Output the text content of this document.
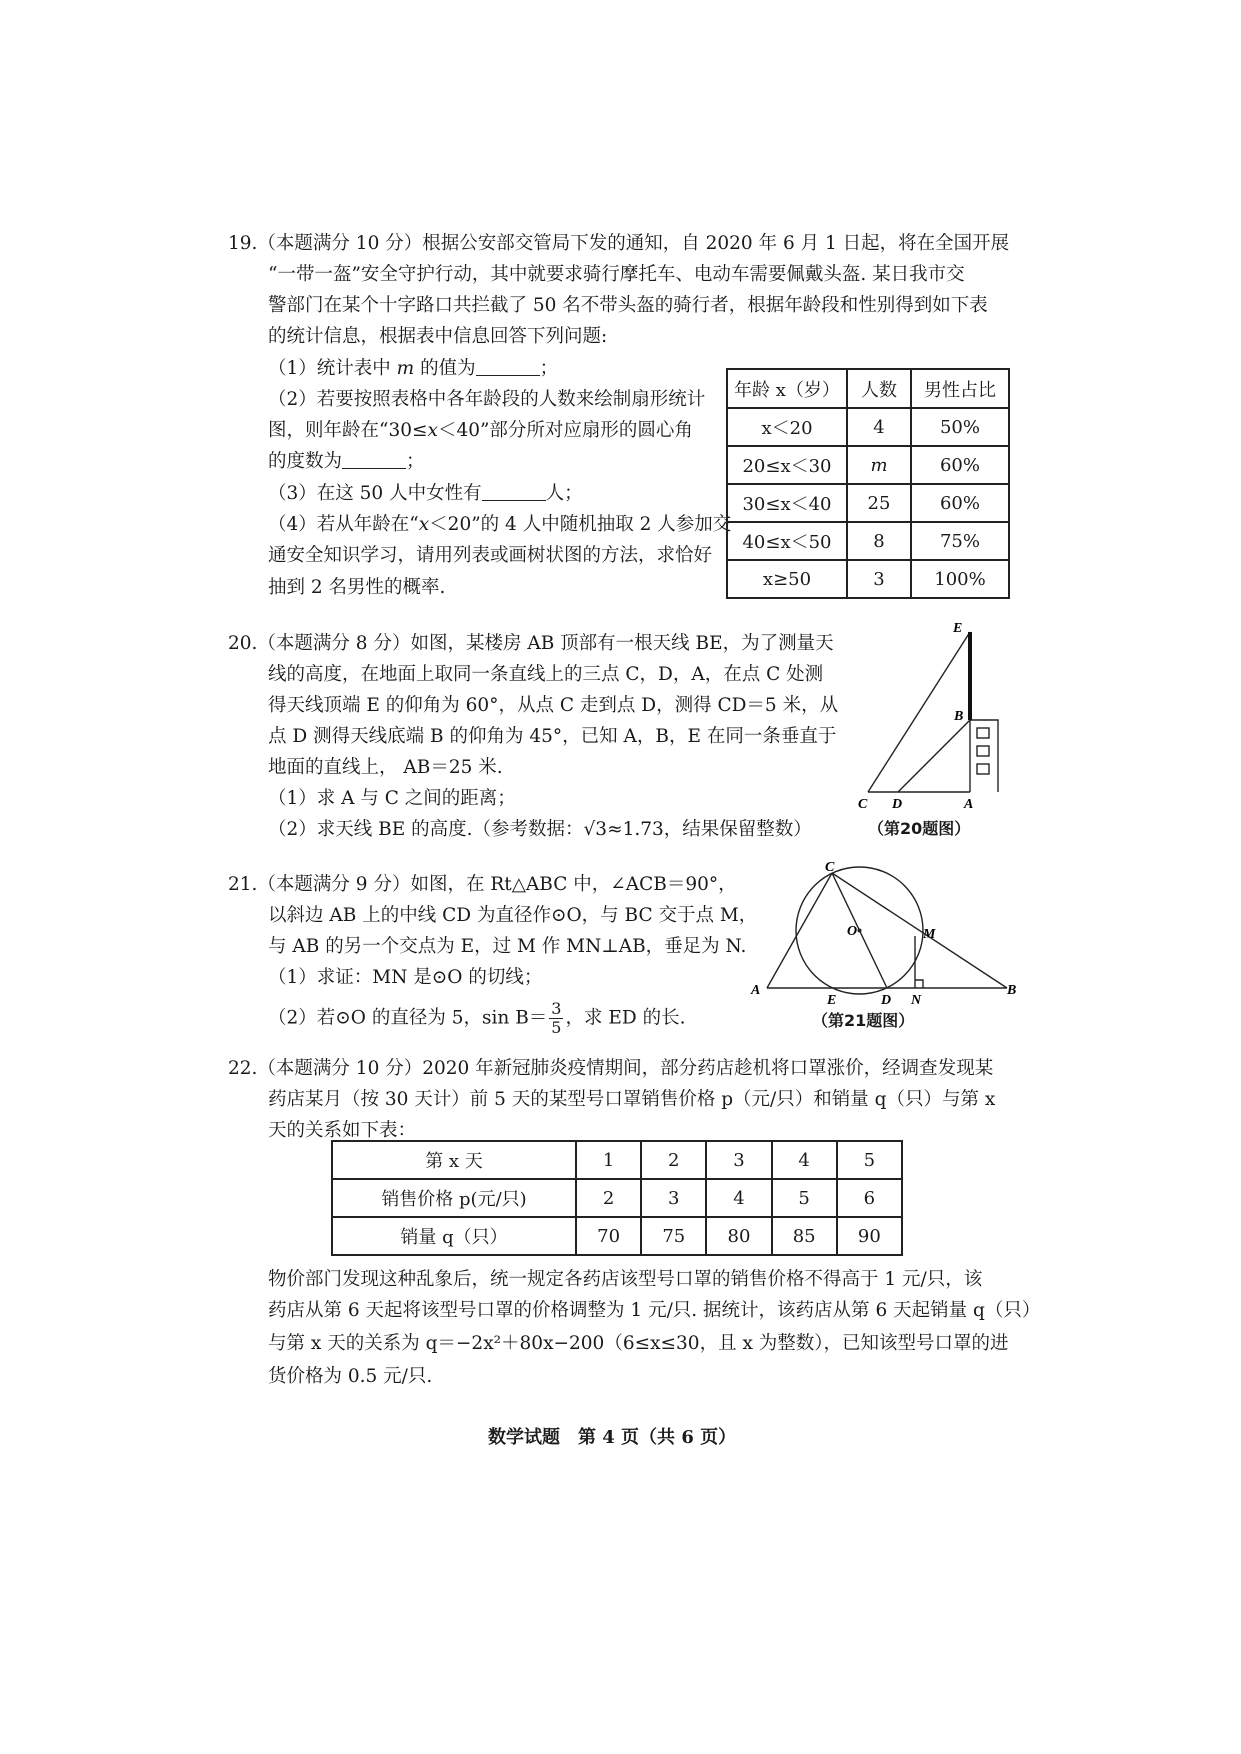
19.（本题满分 10 分）根据公安部交管局下发的通知，自 2020 年 6 月 1 日起，将在全国开展
“一带一盔”安全守护行动，其中就要求骑行摩托车、电动车需要佩戴头盔. 某日我市交
警部门在某个十字路口共拦截了 50 名不带头盔的骑行者，根据年龄段和性别得到如下表
的统计信息，根据表中信息回答下列问题:
（1）统计表中 m 的值为	；
（2）若要按照表格中各年龄段的人数来绘制扇形统计
图，则年龄在“30≤x＜40”部分所对应扇形的圆心角
的度数为	；
（3）在这 50 人中女性有	人；
（4）若从年龄在“x＜20”的 4 人中随机抽取 2 人参加交
通安全知识学习，请用列表或画树状图的方法，求恰好
抽到 2 名男性的概率.
年龄 x（岁）	人数	男性占比
x＜20	4	50%
20≤x＜30	m	60%
30≤x＜40	25	60%
40≤x＜50	8	75%
x≥50	3	100%
20.（本题满分 8 分）如图，某楼房 AB 顶部有一根天线 BE，为了测量天
线的高度，在地面上取同一条直线上的三点 C，D，A，在点 C 处测
得天线顶端 E 的仰角为 60°，从点 C 走到点 D，测得 CD＝5 米，从
点 D 测得天线底端 B 的仰角为 45°，已知 A，B，E 在同一条垂直于
地面的直线上， AB＝25 米.
（1）求 A 与 C 之间的距离；
（2）求天线 BE 的高度.（参考数据：√3≈1.73，结果保留整数）
E
B
C D	A
（第20题图）
21.（本题满分 9 分）如图，在 Rt△ABC 中，∠ACB＝90°，
以斜边 AB 上的中线 CD 为直径作⊙O，与 BC 交于点 M，
与 AB 的另一个交点为 E，过 M 作 MN⊥AB，垂足为 N.
（1）求证：MN 是⊙O 的切线；
（2）若⊙O 的直径为 5，$\sin B= \frac{3}{5}$ ，求 ED 的长.
C
M
O
A
E	D N
B
（第21题图）
22.（本题满分 10 分）2020 年新冠肺炎疫情期间，部分药店趁机将口罩涨价，经调查发现某
药店某月（按 30 天计）前 5 天的某型号口罩销售价格 p（元/只）和销量 q（只）与第 x
天的关系如下表：
第 x 天	1	2	3	4	5
销售价格 p(元/只)	2	3	4	5	6
销量 q（只）	70	75	80	85	90
物价部门发现这种乱象后，统一规定各药店该型号口罩的销售价格不得高于 1 元/只，该
药店从第 6 天起将该型号口罩的价格调整为 1 元/只. 据统计，该药店从第 6 天起销量 q（只）
与第 x 天的关系为 q＝−2x²＋80x−200（6≤x≤30，且 x 为整数），已知该型号口罩的进
货价格为 0.5 元/只.
数学试题　第 4 页（共 6 页）
